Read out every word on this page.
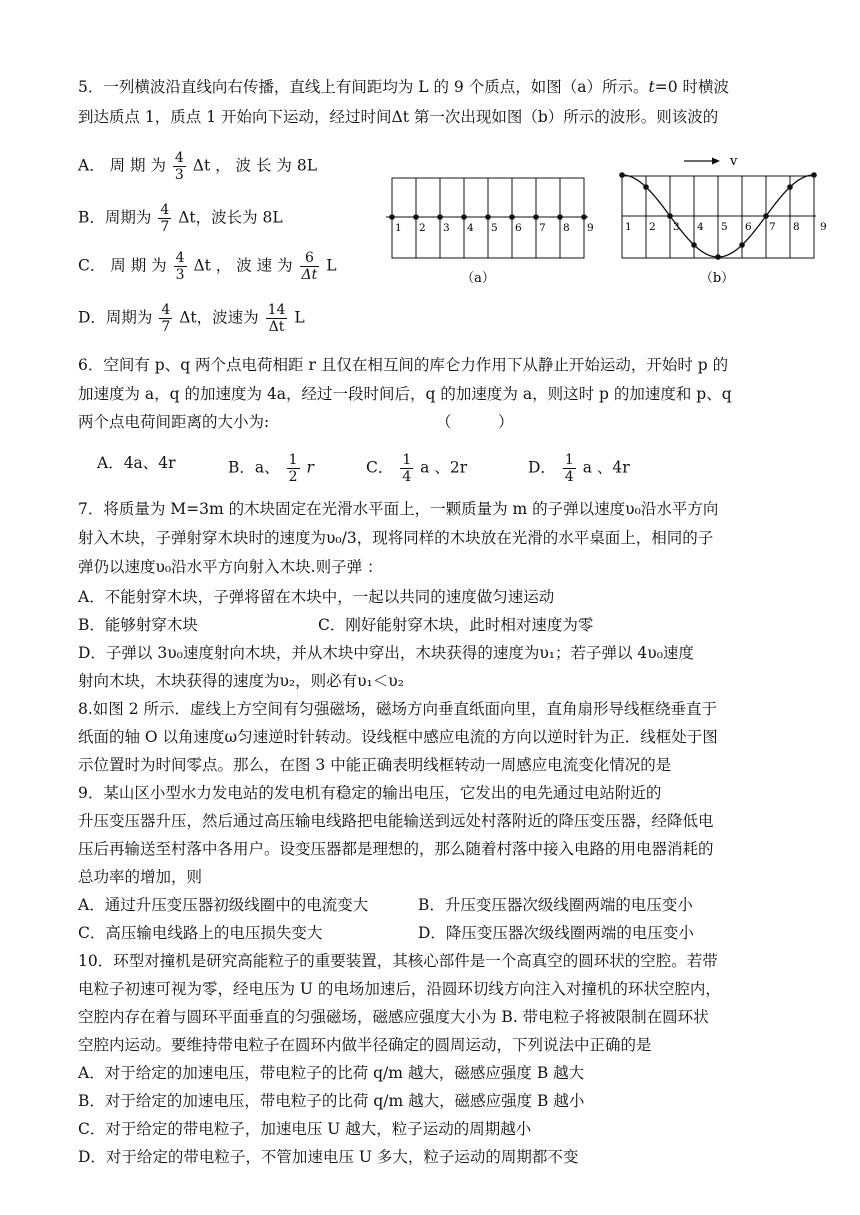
5．一列横波沿直线向右传播，直线上有间距均为 L 的 9 个质点，如图（a）所示。t=0 时横波
到达质点 1，质点 1 开始向下运动，经过时间Δt 第一次出现如图（b）所示的波形。则该波的
A． 周 期 为 $\frac{4}{3}$ Δt ， 波 长 为 8L
B．周期为 $\frac{4}{7}$ Δt，波长为 8L
C． 周 期 为 $\frac{4}{3}$ Δt ， 波 速 为 $\frac{6}{\Delta t}$ L
D．周期为 $\frac{4}{7}$ Δt，波速为 $\frac{14}{\Delta t}$ L
1 2 3 4 5 6 7 8 9
（a）
1 2 3 4 5 6 7 8 9
v
（b）
6．空间有 p、q 两个点电荷相距 r 且仅在相互间的库仑力作用下从静止开始运动，开始时 p 的
加速度为 a，q 的加速度为 4a，经过一段时间后，q 的加速度为 a，则这时 p 的加速度和 p、q
两个点电荷间距离的大小为:	（　　　）
A．4a、4r	B．a、 $\frac{1}{2}$ r	C． $\frac{1}{4}$ a 、2r	D． $\frac{1}{4}$ a 、4r
7．将质量为 M=3m 的木块固定在光滑水平面上，一颗质量为 m 的子弹以速度υ₀沿水平方向
射入木块，子弹射穿木块时的速度为υ₀/3，现将同样的木块放在光滑的水平桌面上，相同的子
弹仍以速度υ₀沿水平方向射入木块.则子弹 ：
A．不能射穿木块，子弹将留在木块中，一起以共同的速度做匀速运动
B．能够射穿木块	C．刚好能射穿木块，此时相对速度为零
D．子弹以 3υ₀速度射向木块，并从木块中穿出，木块获得的速度为υ₁；若子弹以 4υ₀速度
射向木块，木块获得的速度为υ₂，则必有υ₁＜υ₂
8.如图 2 所示．虚线上方空间有匀强磁场，磁场方向垂直纸面向里，直角扇形导线框绕垂直于
纸面的轴 O 以角速度ω匀速逆时针转动。设线框中感应电流的方向以逆时针为正．线框处于图
示位置时为时间零点。那么，在图 3 中能正确表明线框转动一周感应电流变化情况的是
9．某山区小型水力发电站的发电机有稳定的输出电压，它发出的电先通过电站附近的
升压变压器升压，然后通过高压输电线路把电能输送到远处村落附近的降压变压器，经降低电
压后再输送至村落中各用户。设变压器都是理想的，那么随着村落中接入电路的用电器消耗的
总功率的增加，则
A．通过升压变压器初级线圈中的电流变大	B．升压变压器次级线圈两端的电压变小
C．高压输电线路上的电压损失变大	D．降压变压器次级线圈两端的电压变小
10．环型对撞机是研究高能粒子的重要装置，其核心部件是一个高真空的圆环状的空腔。若带
电粒子初速可视为零，经电压为 U 的电场加速后，沿圆环切线方向注入对撞机的环状空腔内，
空腔内存在着与圆环平面垂直的匀强磁场，磁感应强度大小为 B. 带电粒子将被限制在圆环状
空腔内运动。要维持带电粒子在圆环内做半径确定的圆周运动，下列说法中正确的是
A．对于给定的加速电压，带电粒子的比荷 q/m 越大，磁感应强度 B 越大
B．对于给定的加速电压，带电粒子的比荷 q/m 越大，磁感应强度 B 越小
C．对于给定的带电粒子，加速电压 U 越大，粒子运动的周期越小
D．对于给定的带电粒子，不管加速电压 U 多大，粒子运动的周期都不变
